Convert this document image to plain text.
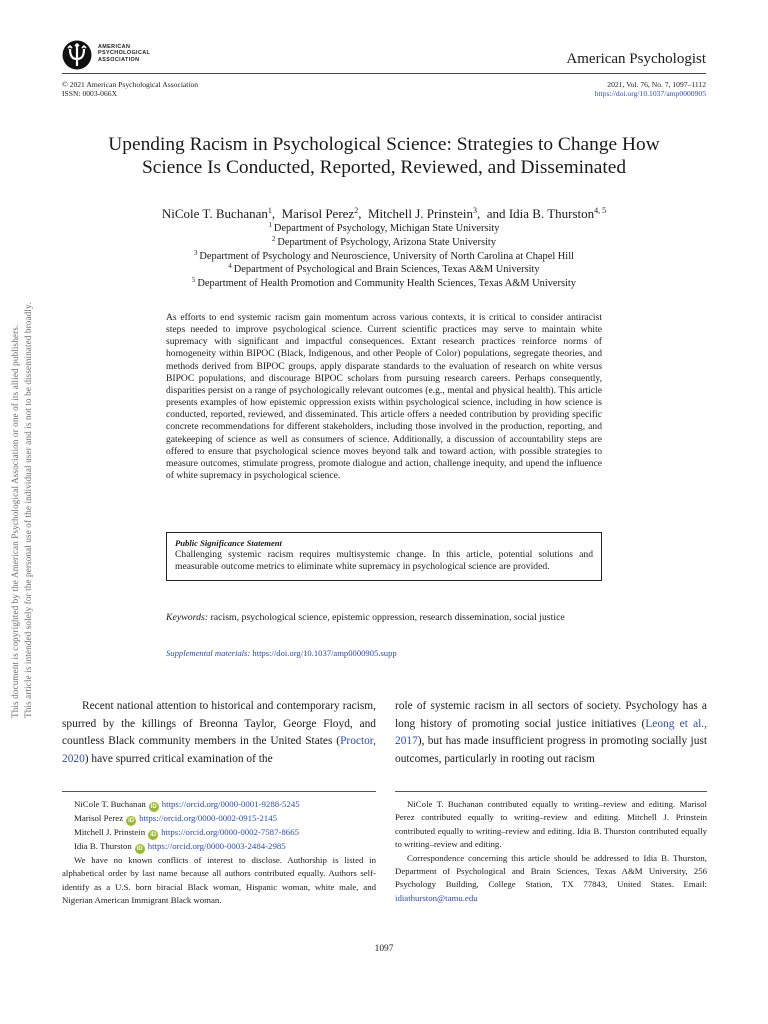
This document is copyrighted by the American Psychological Association or one of its allied publishers. This article is intended solely for the personal use of the individual user and is not to be disseminated broadly.
AMERICAN
PSYCHOLOGICAL
ASSOCIATION	American Psychologist
© 2021 American Psychological Association
ISSN: 0003-066X
2021, Vol. 76, No. 7, 1097–1112
https://doi.org/10.1037/amp0000905
Upending Racism in Psychological Science: Strategies to Change How
Science Is Conducted, Reported, Reviewed, and Disseminated
NiCole T. Buchanan$^1$,  Marisol Perez$^2$,  Mitchell J. Prinstein$^3$,  and Idia B. Thurston$^{4, 5}$
$^1$ Department of Psychology, Michigan State University
$^2$ Department of Psychology, Arizona State University
$^3$ Department of Psychology and Neuroscience, University of North Carolina at Chapel Hill
$^4$ Department of Psychological and Brain Sciences, Texas A&M University
$^5$ Department of Health Promotion and Community Health Sciences, Texas A&M University
As efforts to end systemic racism gain momentum across various contexts, it is critical to consider antiracist steps needed to improve psychological science. Current scientific practices may serve to maintain white supremacy with significant and impactful consequences. Extant research practices reinforce norms of homogeneity within BIPOC (Black, Indigenous, and other People of Color) populations, segregate theories, and methods derived from BIPOC groups, apply disparate standards to the evaluation of research on white versus BIPOC populations, and discourage BIPOC scholars from pursuing research careers. Perhaps consequently, disparities persist on a range of psychologically relevant outcomes (e.g., mental and physical health). This article presents examples of how epistemic oppression exists within psychological science, including in how science is conducted, reported, reviewed, and disseminated. This article offers a needed contribution by providing specific concrete recommendations for different stakeholders, including those involved in the production, reporting, and gatekeeping of science as well as consumers of science. Additionally, a discussion of accountability steps are offered to ensure that psychological science moves beyond talk and toward action, with possible strategies to measure outcomes, stimulate progress, promote dialogue and action, challenge inequity, and upend the influence of white supremacy in psychological science.
Public Significance Statement
Challenging systemic racism requires multisystemic change. In this article, potential solutions and measurable outcome metrics to eliminate white supremacy in psychological science are provided.
Keywords: racism, psychological science, epistemic oppression, research dissemination, social justice
Supplemental materials: https://doi.org/10.1037/amp0000905.supp
Recent national attention to historical and contemporary racism, spurred by the killings of Breonna Taylor, George Floyd, and countless Black community members in the United States (Proctor, 2020) have spurred critical examination of the
role of systemic racism in all sectors of society. Psychology has a long history of promoting social justice initiatives (Leong et al., 2017), but has made insufficient progress in promoting socially just outcomes, particularly in rooting out racism
NiCole T. Buchanan iD https://orcid.org/0000-0001-9288-5245
Marisol Perez iD https://orcid.org/0000-0002-0915-2145
Mitchell J. Prinstein iD https://orcid.org/0000-0002-7587-8665
Idia B. Thurston iD https://orcid.org/0000-0003-2484-2985
We have no known conflicts of interest to disclose. Authorship is listed in alphabetical order by last name because all authors contributed equally. Authors self-identify as a U.S. born biracial Black woman, Hispanic woman, white male, and Nigerian American Immigrant Black woman.
NiCole T. Buchanan contributed equally to writing–review and editing. Marisol Perez contributed equally to writing–review and editing. Mitchell J. Prinstein contributed equally to writing–review and editing. Idia B. Thurston contributed equally to writing–review and editing.
Correspondence concerning this article should be addressed to Idia B. Thurston, Department of Psychological and Brain Sciences, Texas A&M University, 256 Psychology Building, College Station, TX 77843, United States. Email: idiathurston@tamu.edu
1097
